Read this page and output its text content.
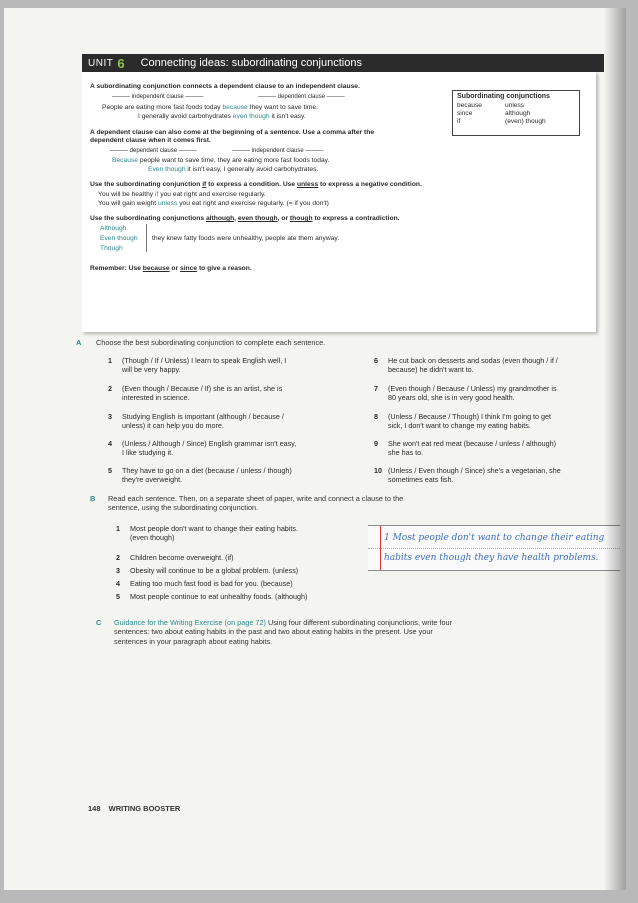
UNIT 6 Connecting ideas: subordinating conjunctions
A subordinating conjunction connects a dependent clause to an independent clause.
——— independent clause ———	——— dependent clause ———
People are eating more fast foods today because they want to save time.
I generally avoid carbohydrates even though it isn't easy.
A dependent clause can also come at the beginning of a sentence. Use a comma after the
dependent clause when it comes first.
——— dependent clause ———	——— independent clause ———
Because people want to save time, they are eating more fast foods today.
Even though it isn't easy, I generally avoid carbohydrates.
Use the subordinating conjunction if to express a condition. Use unless to express a negative condition.
You will be healthy if you eat right and exercise regularly.
You will gain weight unless you eat right and exercise regularly. (= if you don't)
Use the subordinating conjunctions although, even though, or though to express a contradiction.
Although
Even though
Though
they knew fatty foods were unhealthy, people ate them anyway.
Remember: Use because or since to give a reason.
Subordinating conjunctions
because
since
if
unless
although
(even) though
A Choose the best subordinating conjunction to complete each sentence.
1 (Though / If / Unless) I learn to speak English well, I
will be very happy.
2 (Even though / Because / If) she is an artist, she is
interested in science.
3 Studying English is important (although / because /
unless) it can help you do more.
4 (Unless / Although / Since) English grammar isn't easy,
I like studying it.
5 They have to go on a diet (because / unless / though)
they're overweight.
6 He cut back on desserts and sodas (even though / if /
because) he didn't want to.
7 (Even though / Because / Unless) my grandmother is
80 years old, she is in very good health.
8 (Unless / Because / Though) I think I'm going to get
sick, I don't want to change my eating habits.
9 She won't eat red meat (because / unless / although)
she has to.
10 (Unless / Even though / Since) she's a vegetarian, she
sometimes eats fish.
B Read each sentence. Then, on a separate sheet of paper, write and connect a clause to the
sentence, using the subordinating conjunction.
1 Most people don't want to change their eating habits.
(even though)
2 Children become overweight. (if)
3 Obesity will continue to be a global problem. (unless)
4 Eating too much fast food is bad for you. (because)
5 Most people continue to eat unhealthy foods. (although)
1 Most people don't want to change their eating
habits even though they have health problems.
C Guidance for the Writing Exercise (on page 72) Using four different subordinating conjunctions, write four
sentences: two about eating habits in the past and two about eating habits in the present. Use your
sentences in your paragraph about eating habits.
148 WRITING BOOSTER
